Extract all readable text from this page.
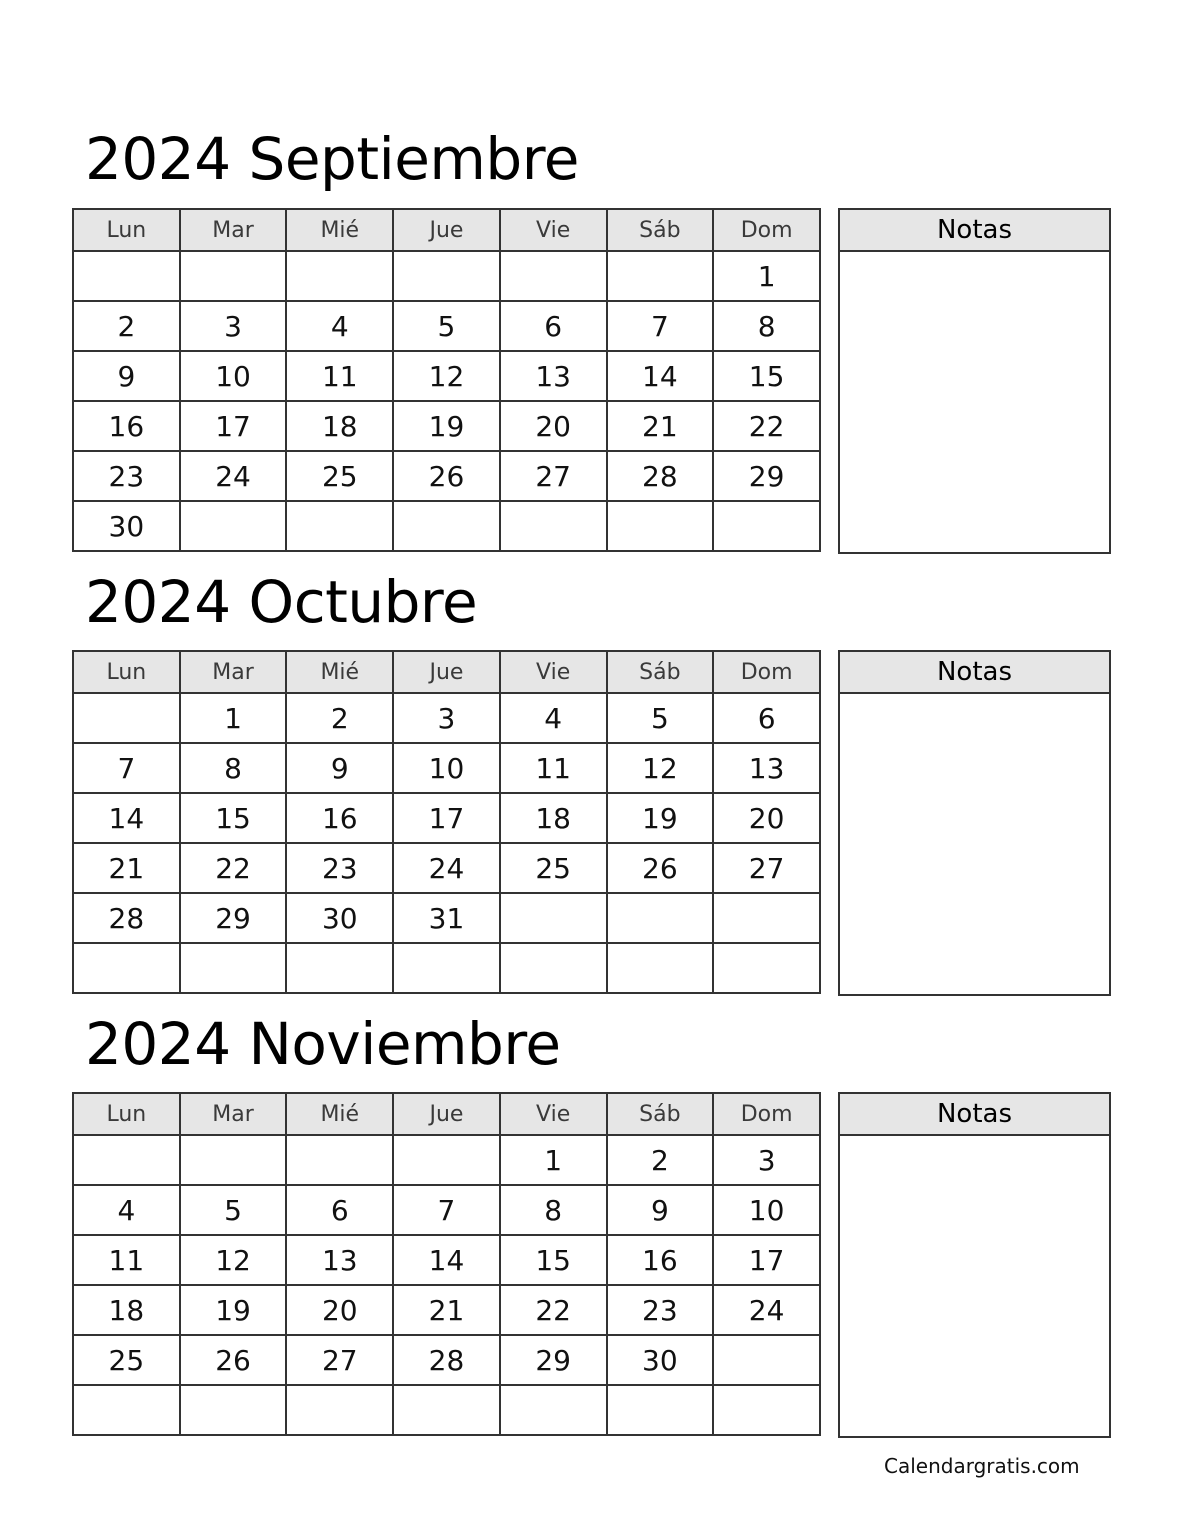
2024 Septiembre
Lun	Mar	Mié	Jue	Vie	Sáb	Dom
						1
2	3	4	5	6	7	8
9	10	11	12	13	14	15
16	17	18	19	20	21	22
23	24	25	26	27	28	29
30						
Notas
2024 Octubre
Lun	Mar	Mié	Jue	Vie	Sáb	Dom
	1	2	3	4	5	6
7	8	9	10	11	12	13
14	15	16	17	18	19	20
21	22	23	24	25	26	27
28	29	30	31			

Notas
2024 Noviembre
Lun	Mar	Mié	Jue	Vie	Sáb	Dom
				1	2	3
4	5	6	7	8	9	10
11	12	13	14	15	16	17
18	19	20	21	22	23	24
25	26	27	28	29	30	

Notas
Calendargratis.com
